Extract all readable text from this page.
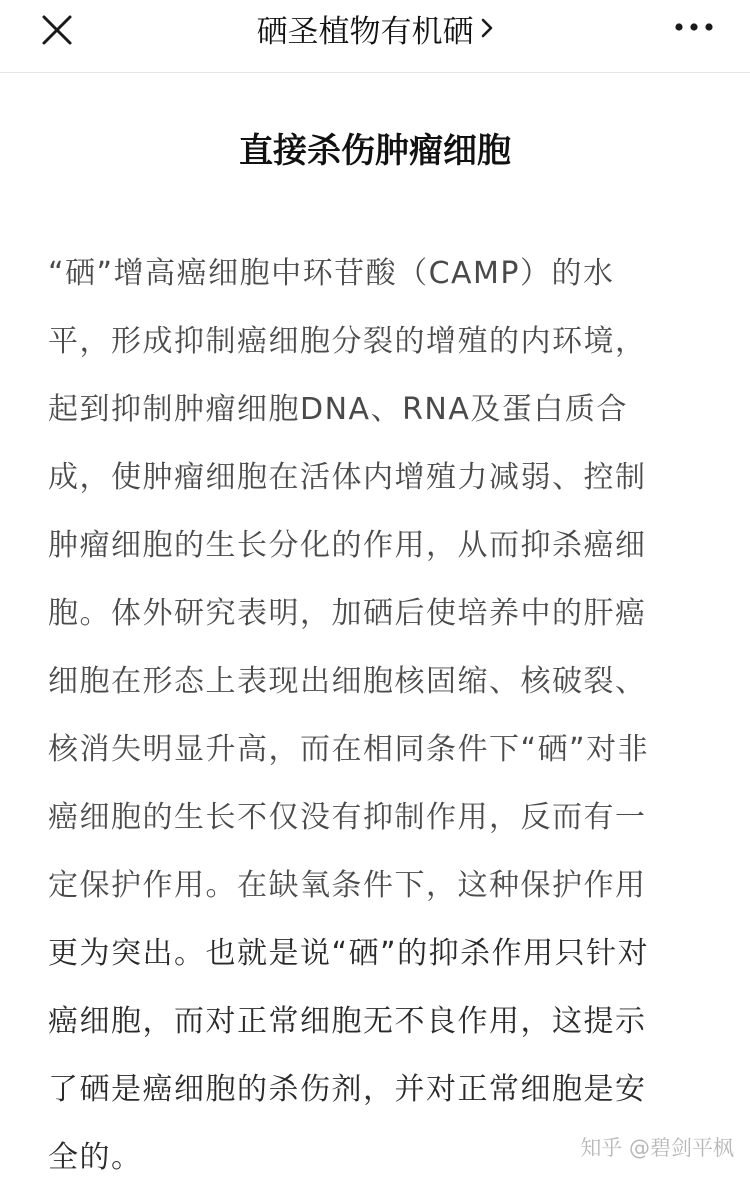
硒圣植物有机硒
直接杀伤肿瘤细胞
“硒”增高癌细胞中环苷酸（CAMP）的水
平，形成抑制癌细胞分裂的增殖的内环境，
起到抑制肿瘤细胞DNA、RNA及蛋白质合
成，使肿瘤细胞在活体内增殖力减弱、控制
肿瘤细胞的生长分化的作用，从而抑杀癌细
胞。体外研究表明，加硒后使培养中的肝癌
细胞在形态上表现出细胞核固缩、核破裂、
核消失明显升高，而在相同条件下“硒”对非
癌细胞的生长不仅没有抑制作用，反而有一
定保护作用。在缺氧条件下，这种保护作用
更为突出。也就是说“硒”的抑杀作用只针对
癌细胞，而对正常细胞无不良作用，这提示
了硒是癌细胞的杀伤剂，并对正常细胞是安
全的。	知乎 @碧剑平枫
